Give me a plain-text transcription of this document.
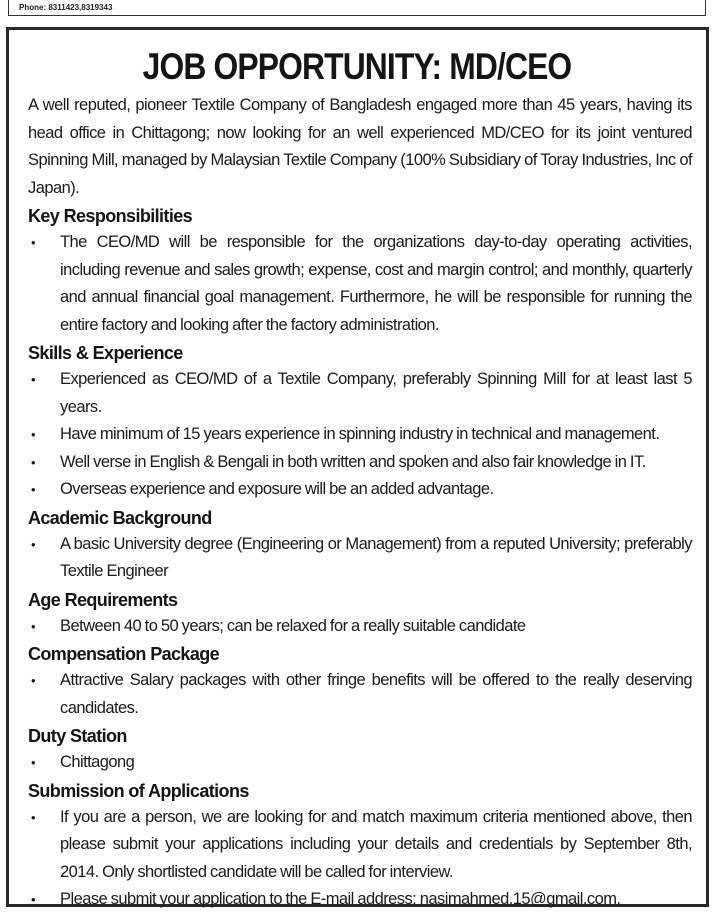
Phone: 8311423,8319343
JOB OPPORTUNITY: MD/CEO

A well reputed, pioneer Textile Company of Bangladesh engaged more than 45 years, having its head office in Chittagong; now looking for an well experienced MD/CEO for its joint ventured Spinning Mill, managed by Malaysian Textile Company (100% Subsidiary of Toray Industries, Inc of Japan).

Key Responsibilities
• The CEO/MD will be responsible for the organizations day-to-day operating activities, including revenue and sales growth; expense, cost and margin control; and monthly, quarterly and annual financial goal management. Furthermore, he will be responsible for running the entire factory and looking after the factory administration.
Skills & Experience
• Experienced as CEO/MD of a Textile Company, preferably Spinning Mill for at least last 5 years.
• Have minimum of 15 years experience in spinning industry in technical and management.
• Well verse in English & Bengali in both written and spoken and also fair knowledge in IT.
• Overseas experience and exposure will be an added advantage.
Academic Background
• A basic University degree (Engineering or Management) from a reputed University; preferably Textile Engineer
Age Requirements
• Between 40 to 50 years; can be relaxed for a really suitable candidate
Compensation Package
• Attractive Salary packages with other fringe benefits will be offered to the really deserving candidates.
Duty Station
• Chittagong
Submission of Applications
• If you are a person, we are looking for and match maximum criteria mentioned above, then please submit your applications including your details and credentials by September 8th, 2014. Only shortlisted candidate will be called for interview.
• Please submit your application to the E-mail address: nasimahmed.15@gmail.com.
